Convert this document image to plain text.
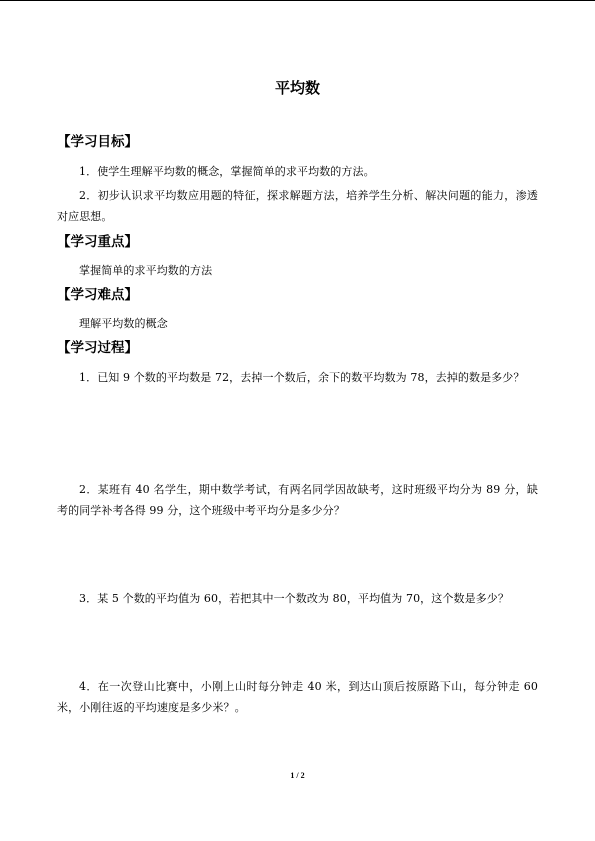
平均数
【学习目标】
1．使学生理解平均数的概念，掌握简单的求平均数的方法。
2．初步认识求平均数应用题的特征，探求解题方法，培养学生分析、解决问题的能力，渗透对应思想。
【学习重点】
掌握简单的求平均数的方法
【学习难点】
理解平均数的概念
【学习过程】
1．已知 9 个数的平均数是 72，去掉一个数后，余下的数平均数为 78，去掉的数是多少？
2．某班有 40 名学生，期中数学考试，有两名同学因故缺考，这时班级平均分为 89 分，缺考的同学补考各得 99 分，这个班级中考平均分是多少分？
3．某 5 个数的平均值为 60，若把其中一个数改为 80，平均值为 70，这个数是多少？
4．在一次登山比赛中，小刚上山时每分钟走 40 米，到达山顶后按原路下山，每分钟走 60 米，小刚往返的平均速度是多少米？。
1 / 2
